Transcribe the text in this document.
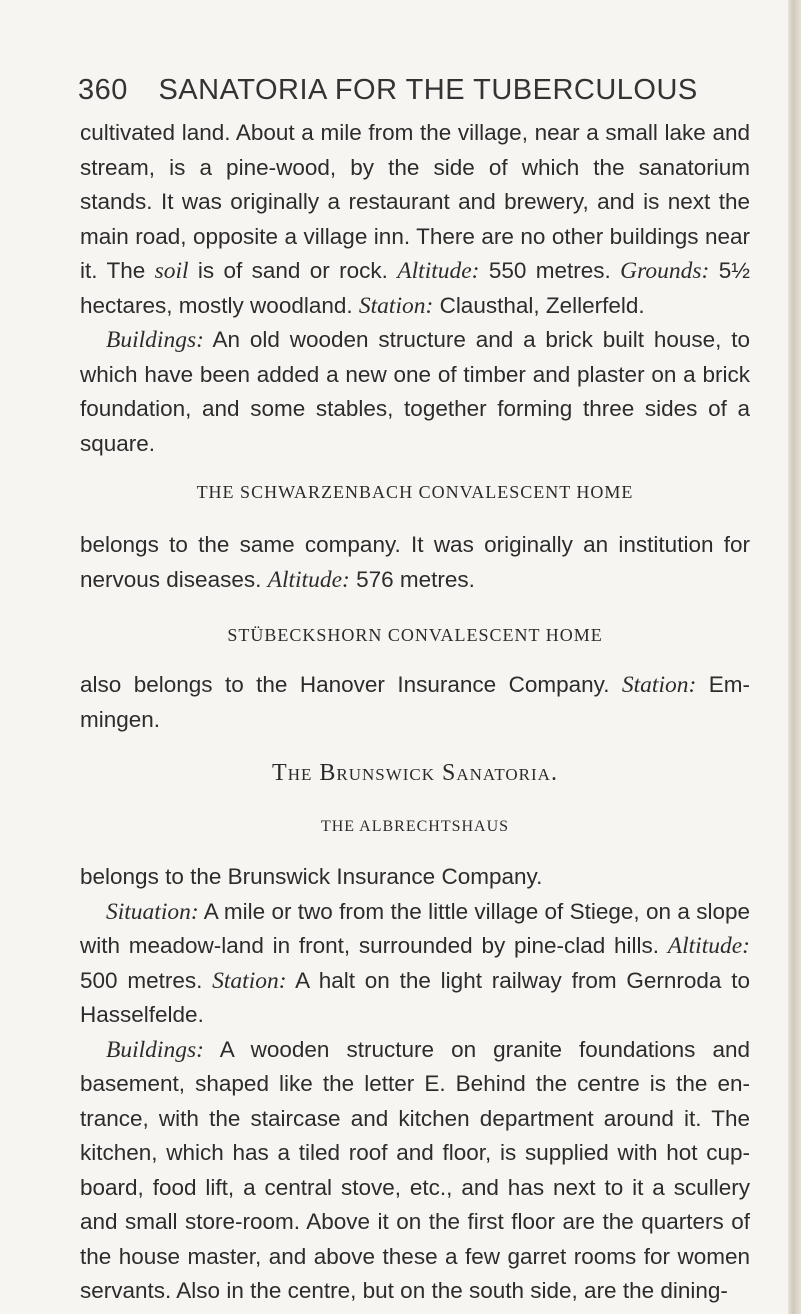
360 SANATORIA FOR THE TUBERCULOUS

cultivated land. About a mile from the village, near a small lake and stream, is a pine-wood, by the side of which the sanatorium stands. It was originally a restaurant and brewery, and is next the main road, opposite a village inn. There are no other buildings near it. The soil is of sand or rock. Altitude: 550 metres. Grounds: 5½ hectares, mostly woodland. Station: Clausthal, Zellerfeld.

Buildings: An old wooden structure and a brick built house, to which have been added a new one of timber and plaster on a brick foundation, and some stables, together forming three sides of a square.

THE SCHWARZENBACH CONVALESCENT HOME

belongs to the same company. It was originally an institution for nervous diseases. Altitude: 576 metres.

STÜBECKSHORN CONVALESCENT HOME

also belongs to the Hanover Insurance Company. Station: Em-mingen.

The Brunswick Sanatoria.
THE ALBRECHTSHAUS

belongs to the Brunswick Insurance Company.

Situation: A mile or two from the little village of Stiege, on a slope with meadow-land in front, surrounded by pine-clad hills. Altitude: 500 metres. Station: A halt on the light railway from Gernroda to Hasselfelde.

Buildings: A wooden structure on granite foundations and basement, shaped like the letter E. Behind the centre is the en-trance, with the staircase and kitchen department around it. The kitchen, which has a tiled roof and floor, is supplied with hot cup-board, food lift, a central stove, etc., and has next to it a scullery and small store-room. Above it on the first floor are the quarters of the house master, and above these a few garret rooms for women servants. Also in the centre, but on the south side, are the dining-
